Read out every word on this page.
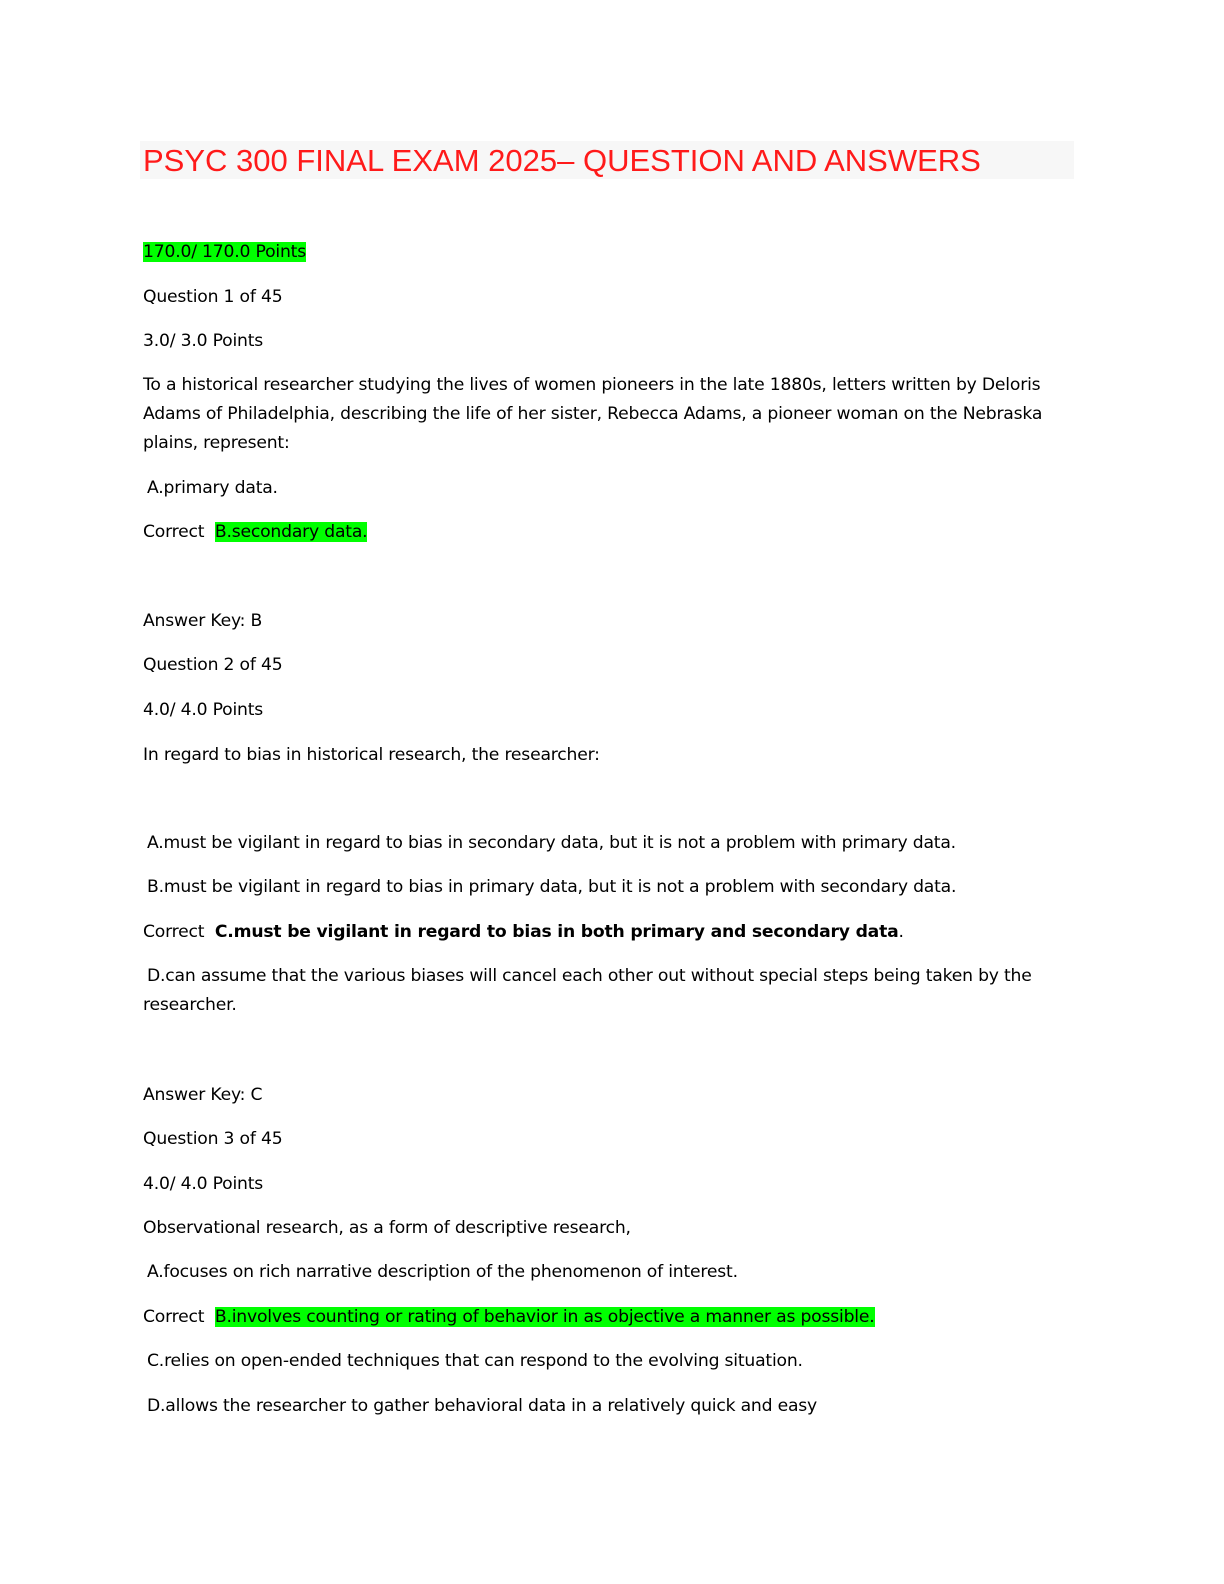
PSYC 300 FINAL EXAM 2025– QUESTION AND ANSWERS
170.0/ 170.0 Points
Question 1 of 45
3.0/ 3.0 Points
To a historical researcher studying the lives of women pioneers in the late 1880s, letters written by Deloris Adams of Philadelphia, describing the life of her sister, Rebecca Adams, a pioneer woman on the Nebraska plains, represent:
A.primary data.
Correct B.secondary data.
Answer Key: B
Question 2 of 45
4.0/ 4.0 Points
In regard to bias in historical research, the researcher:
A.must be vigilant in regard to bias in secondary data, but it is not a problem with primary data.
B.must be vigilant in regard to bias in primary data, but it is not a problem with secondary data.
Correct C.must be vigilant in regard to bias in both primary and secondary data.
D.can assume that the various biases will cancel each other out without special steps being taken by the researcher.
Answer Key: C
Question 3 of 45
4.0/ 4.0 Points
Observational research, as a form of descriptive research,
A.focuses on rich narrative description of the phenomenon of interest.
Correct B.involves counting or rating of behavior in as objective a manner as possible.
C.relies on open-ended techniques that can respond to the evolving situation.
D.allows the researcher to gather behavioral data in a relatively quick and easy
